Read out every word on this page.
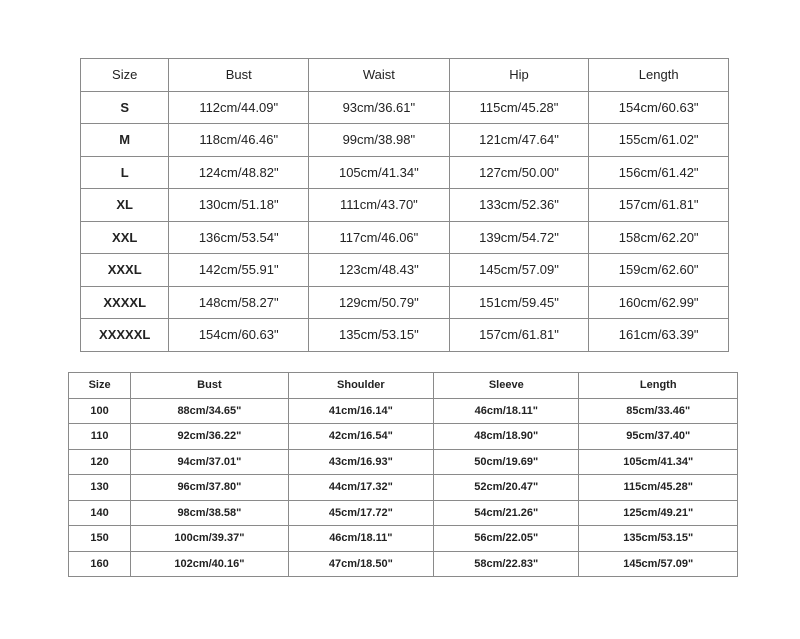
Size	Bust	Waist	Hip	Length
S	112cm/44.09"	93cm/36.61"	115cm/45.28"	154cm/60.63"
M	118cm/46.46"	99cm/38.98"	121cm/47.64"	155cm/61.02"
L	124cm/48.82"	105cm/41.34"	127cm/50.00"	156cm/61.42"
XL	130cm/51.18"	111cm/43.70"	133cm/52.36"	157cm/61.81"
XXL	136cm/53.54"	117cm/46.06"	139cm/54.72"	158cm/62.20"
XXXL	142cm/55.91"	123cm/48.43"	145cm/57.09"	159cm/62.60"
XXXXL	148cm/58.27"	129cm/50.79"	151cm/59.45"	160cm/62.99"
XXXXXL	154cm/60.63"	135cm/53.15"	157cm/61.81"	161cm/63.39"
Size	Bust	Shoulder	Sleeve	Length
100	88cm/34.65"	41cm/16.14"	46cm/18.11"	85cm/33.46"
110	92cm/36.22"	42cm/16.54"	48cm/18.90"	95cm/37.40"
120	94cm/37.01"	43cm/16.93"	50cm/19.69"	105cm/41.34"
130	96cm/37.80"	44cm/17.32"	52cm/20.47"	115cm/45.28"
140	98cm/38.58"	45cm/17.72"	54cm/21.26"	125cm/49.21"
150	100cm/39.37"	46cm/18.11"	56cm/22.05"	135cm/53.15"
160	102cm/40.16"	47cm/18.50"	58cm/22.83"	145cm/57.09"
